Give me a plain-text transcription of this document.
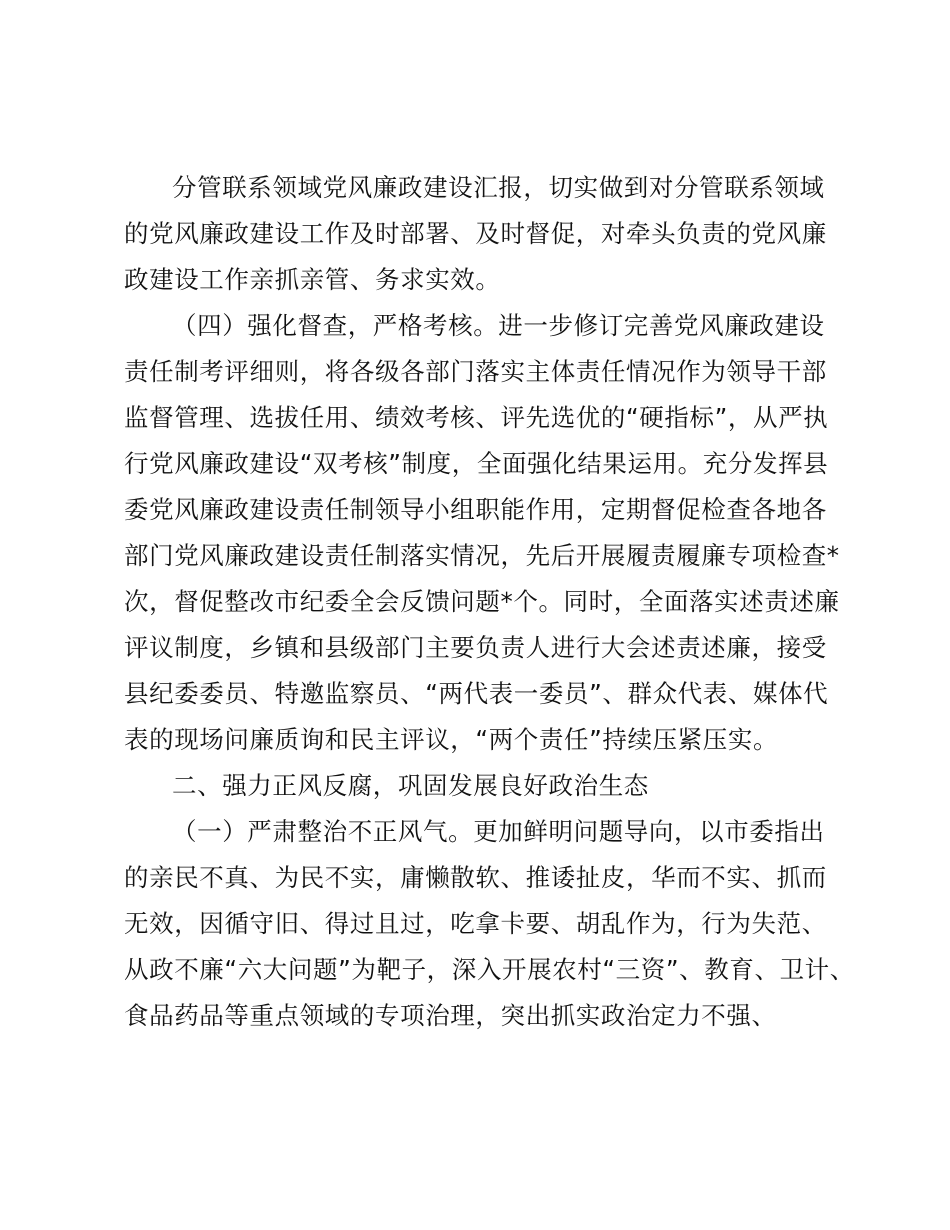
分管联系领域党风廉政建设汇报，切实做到对分管联系领域
的党风廉政建设工作及时部署、及时督促，对牵头负责的党风廉
政建设工作亲抓亲管、务求实效。
（四）强化督查，严格考核。进一步修订完善党风廉政建设
责任制考评细则，将各级各部门落实主体责任情况作为领导干部
监督管理、选拔任用、绩效考核、评先选优的“硬指标”，从严执
行党风廉政建设“双考核”制度，全面强化结果运用。充分发挥县
委党风廉政建设责任制领导小组职能作用，定期督促检查各地各
部门党风廉政建设责任制落实情况，先后开展履责履廉专项检查*
次，督促整改市纪委全会反馈问题*个。同时，全面落实述责述廉
评议制度，乡镇和县级部门主要负责人进行大会述责述廉，接受
县纪委委员、特邀监察员、“两代表一委员”、群众代表、媒体代
表的现场问廉质询和民主评议，“两个责任”持续压紧压实。
二、强力正风反腐，巩固发展良好政治生态
（一）严肃整治不正风气。更加鲜明问题导向，以市委指出
的亲民不真、为民不实，庸懒散软、推诿扯皮，华而不实、抓而
无效，因循守旧、得过且过，吃拿卡要、胡乱作为，行为失范、
从政不廉“六大问题”为靶子，深入开展农村“三资”、教育、卫计、
食品药品等重点领域的专项治理，突出抓实政治定力不强、
